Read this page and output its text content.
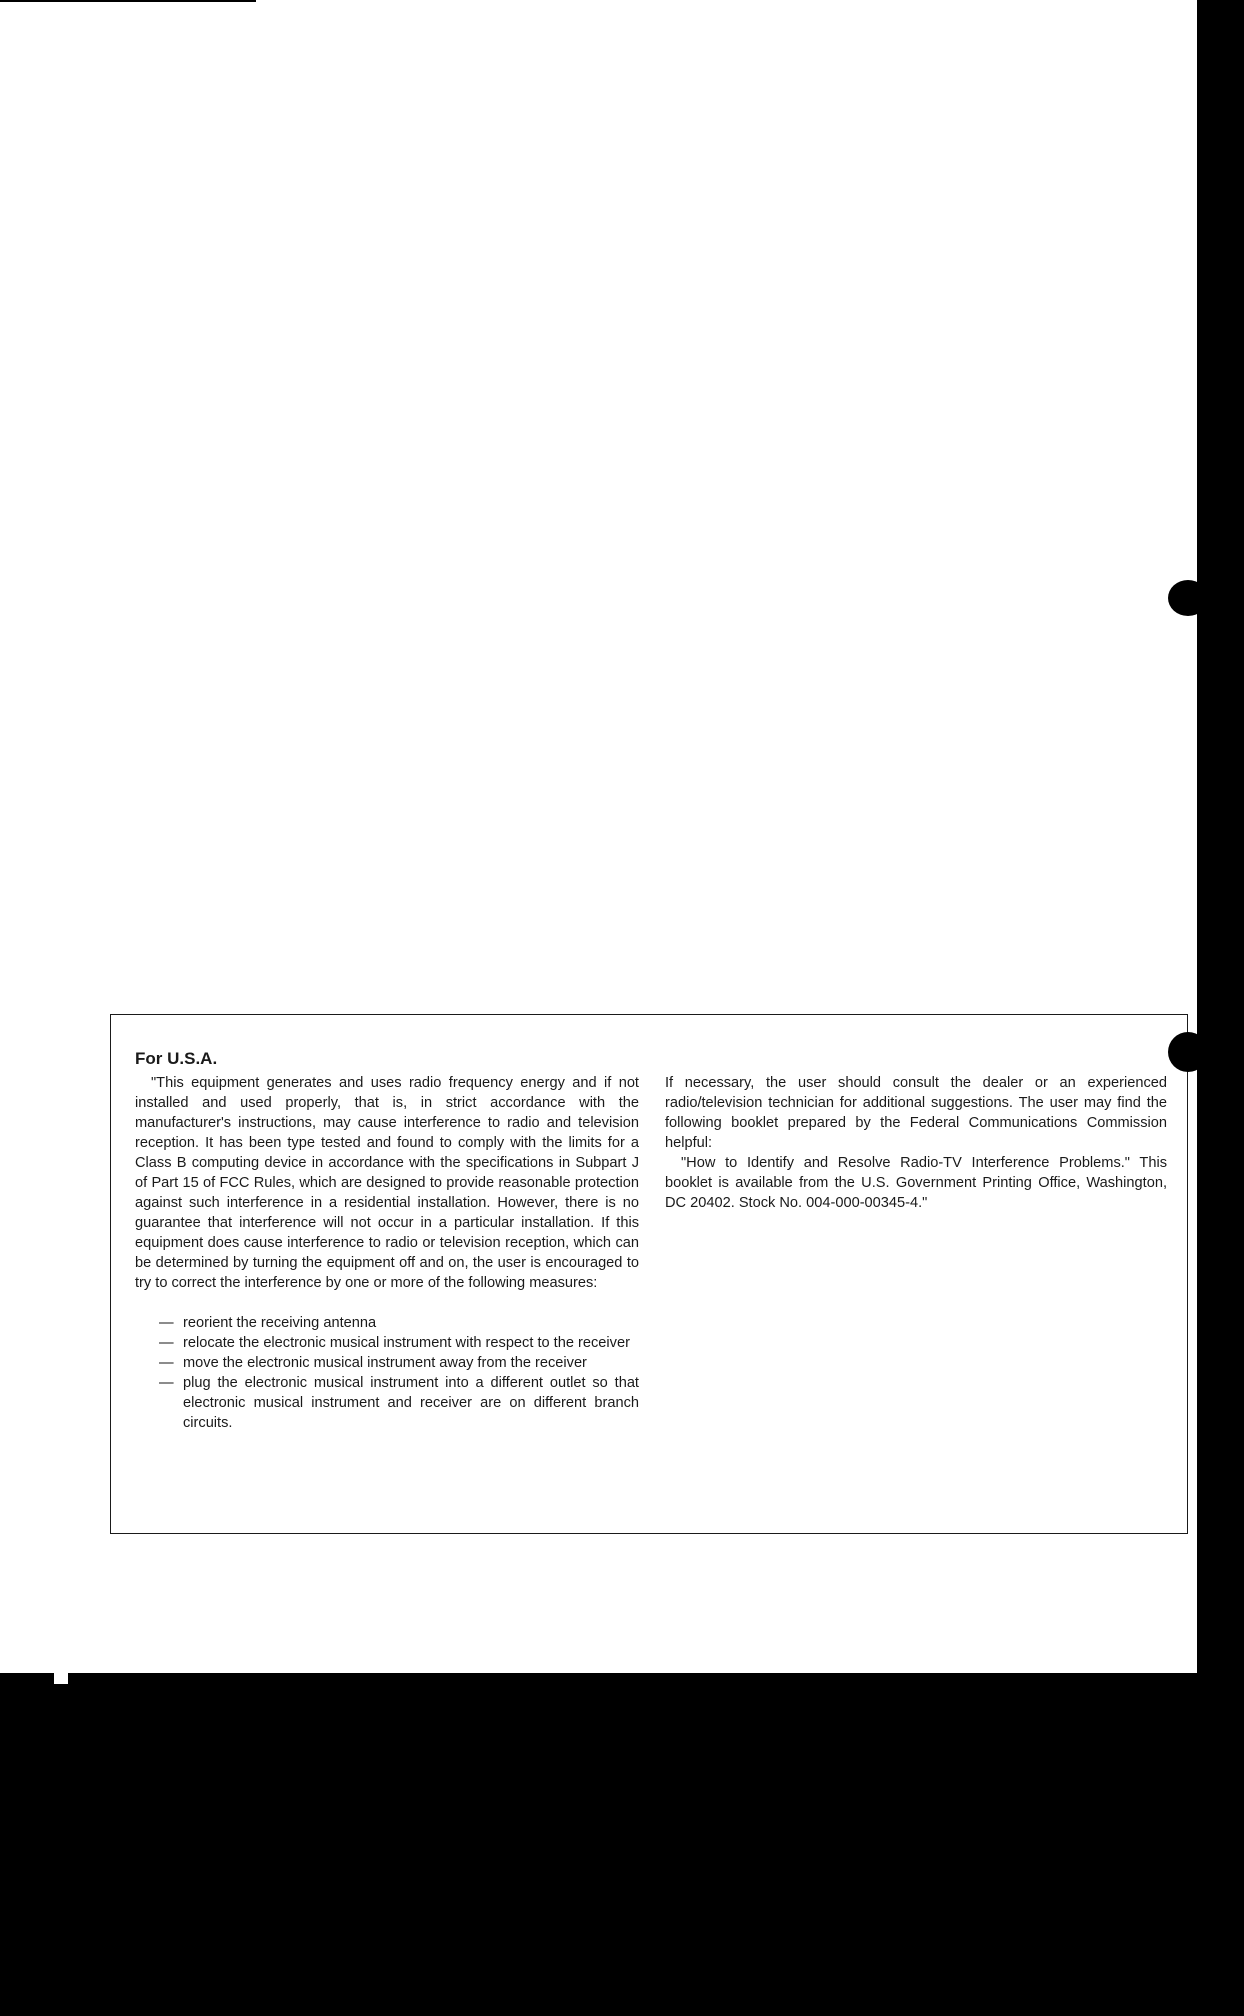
For U.S.A.

"This equipment generates and uses radio frequency energy and if not installed and used properly, that is, in strict accordance with the manufacturer's instructions, may cause interference to radio and television reception. It has been type tested and found to comply with the limits for a Class B computing device in accordance with the specifications in Subpart J of Part 15 of FCC Rules, which are designed to provide reasonable protection against such interference in a residential installation. However, there is no guarantee that interference will not occur in a particular installation. If this equipment does cause interference to radio or television reception, which can be determined by turning the equipment off and on, the user is encouraged to try to correct the interference by one or more of the following measures:

— reorient the receiving antenna
— relocate the electronic musical instrument with respect to the receiver
— move the electronic musical instrument away from the receiver
— plug the electronic musical instrument into a different outlet so that electronic musical instrument and receiver are on different branch circuits.

If necessary, the user should consult the dealer or an experienced radio/television technician for additional suggestions. The user may find the following booklet prepared by the Federal Communications Commission helpful:

"How to Identify and Resolve Radio-TV Interference Problems." This booklet is available from the U.S. Government Printing Office, Washington, DC 20402. Stock No. 004-000-00345-4."
